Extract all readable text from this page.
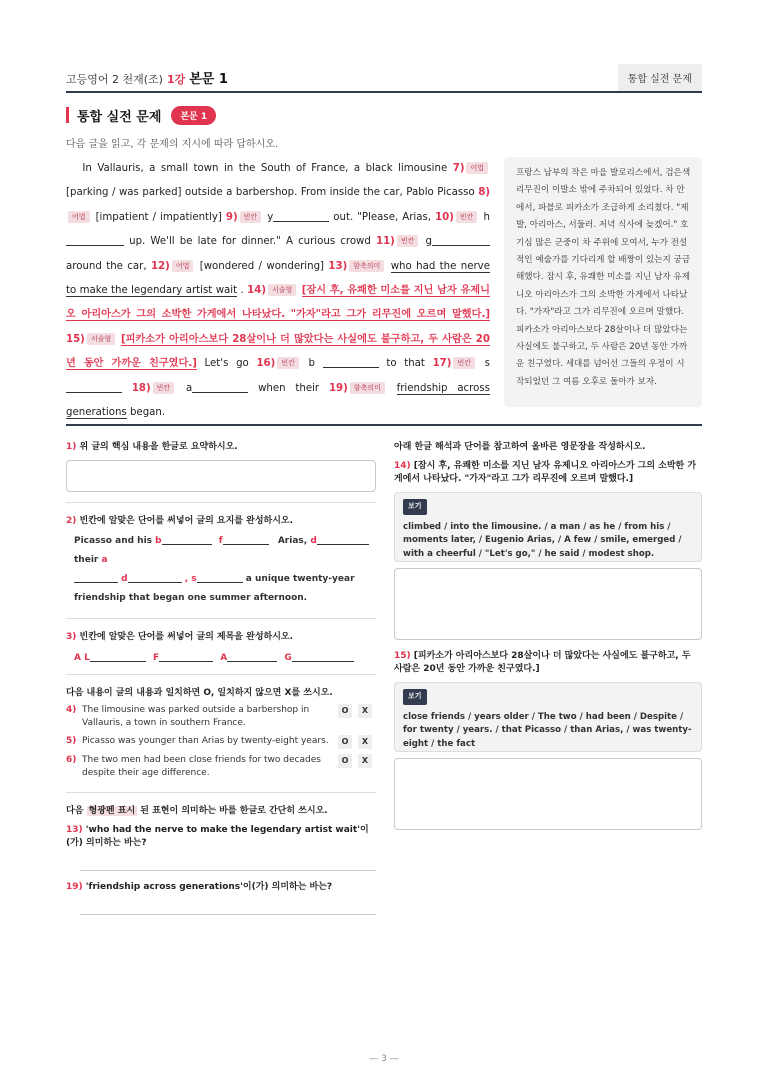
고등영어 2 천재(조) 1강 본문 1	통합 실전 문제
통합 실전 문제	본문 1
다음 글을 읽고, 각 문제의 지시에 따라 답하시오.
In Vallauris, a small town in the South of France, a black limousine 7) 어법 [parking / was parked] outside a barbershop. From inside the car, Pablo Picasso 8)어법 [impatient / impatiently] 9) 빈칸 y	out. "Please, Arias, 10) 빈칸 h up. We'll be late for dinner." A curious crowd 11) 빈칸 g around the car, 12) 어법 [wondered / wondering] 13) 함축의미 who had the nerve to make the legendary artist wait . 14) 서술형 [잠시 후, 유쾌한 미소를 지닌 남자 유제니오 아리아스가 그의 소박한 가게에서 나타났다. "가자"라고 그가 리무진에 오르며 말했다.] 15) 서술형 [피카소가 아리아스보다 28살이나 더 많았다는 사실에도 불구하고, 두 사람은 20년 동안 가까운 친구였다.] Let's go 16) 빈칸 b	to that 17) 빈칸 s 18) 빈칸 a	when their 19) 함축의미 friendship across generations began.
프랑스 남부의 작은 마을 발로리스에서, 검은색 리무진이 이발소 밖에 주차되어 있었다. 차 안에서, 파블로 피카소가 조급하게 소리쳤다. "제발, 아리아스, 서둘러. 저녁 식사에 늦겠어." 호기심 많은 군중이 차 주위에 모여서, 누가 전설적인 예술가를 기다리게 할 배짱이 있는지 궁금해했다. 잠시 후, 유쾌한 미소를 지닌 남자 유제니오 아리아스가 그의 소박한 가게에서 나타났다. "가자"라고 그가 리무진에 오르며 말했다. 피카소가 아리아스보다 28살이나 더 많았다는 사실에도 불구하고, 두 사람은 20년 동안 가까운 친구였다. 세대를 넘어선 그들의 우정이 시작되었던 그 여름 오후로 돌아가 보자.
1) 위 글의 핵심 내용을 한글로 요약하시오.
2) 빈칸에 알맞은 단어를 써넣어 글의 요지를 완성하시오.
Picasso and his b	f	Arias, d their a
d	, s	a unique twenty-year
friendship that began one summer afternoon.
3) 빈칸에 알맞은 단어를 써넣어 글의 제목을 완성하시오.
A L	F	A	G
다음 내용이 글의 내용과 일치하면 O, 일치하지 않으면 X를 쓰시오.
4) The limousine was parked outside a barbershop in Vallauris, a town in southern France.
O	X
5) Picasso was younger than Arias by twenty-eight years.	O	X
6) The two men had been close friends for two decades despite their age difference.
O	X
다음 형광펜 표시 된 표현이 의미하는 바를 한글로 간단히 쓰시오.
13) 'who had the nerve to make the legendary artist wait'이(가) 의미하는 바는?
19) 'friendship across generations'이(가) 의미하는 바는?
아래 한글 해석과 단어를 참고하여 올바른 영문장을 작성하시오.
14) [잠시 후, 유쾌한 미소를 지닌 남자 유제니오 아리아스가 그의 소박한 가게에서 나타났다. "가자"라고 그가 리무진에 오르며 말했다.]
보기
climbed / into the limousine. / a man / as he / from his / moments later, / Eugenio Arias, / A few / smile, emerged / with a cheerful / "Let's go," / he said / modest shop.
15) [피카소가 아리아스보다 28살이나 더 많았다는 사실에도 불구하고, 두 사람은 20년 동안 가까운 친구였다.]
보기
close friends / years older / The two / had been / Despite / for twenty / years. / that Picasso / than Arias, / was twenty-eight / the fact
— 3 —
